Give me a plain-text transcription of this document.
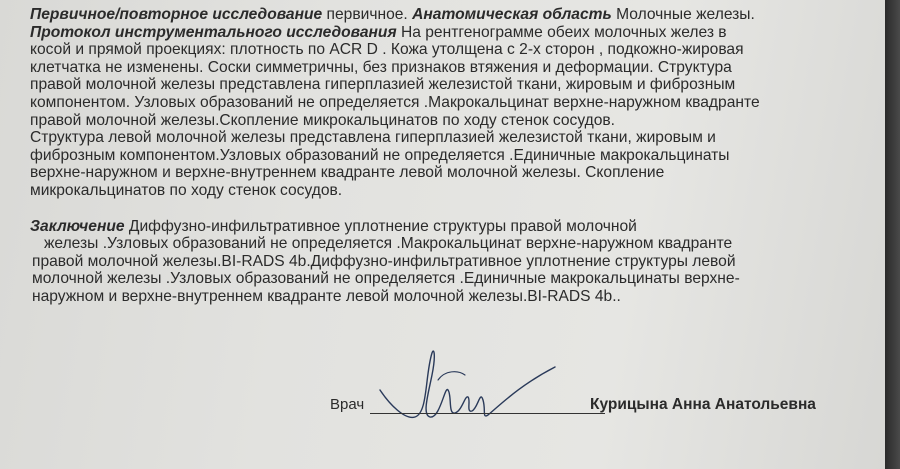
Первичное/повторное исследование первичное. Анатомическая область Молочные железы.
Протокол инструментального исследования На рентгенограмме обеих молочных желез в
косой и прямой проекциях: плотность по ACR D . Кожа утолщена с 2-х сторон , подкожно-жировая
клетчатка не изменены. Соски симметричны, без признаков втяжения и деформации. Структура
правой молочной железы представлена гиперплазией железистой ткани, жировым и фиброзным
компонентом. Узловых образований не определяется .Макрокальцинат верхне-наружном квадранте
правой молочной железы.Скопление микрокальцинатов по ходу стенок сосудов.
Структура левой молочной железы представлена гиперплазией железистой ткани, жировым и
фиброзным компонентом.Узловых образований не определяется .Единичные макрокальцинаты
верхне-наружном и верхне-внутреннем квадранте левой молочной железы. Скопление
микрокальцинатов по ходу стенок сосудов.
Заключение Диффузно-инфильтративное уплотнение структуры правой молочной
железы .Узловых образований не определяется .Макрокальцинат верхне-наружном квадранте
правой молочной железы.BI-RADS 4b.Диффузно-инфильтративное уплотнение структуры левой
молочной железы .Узловых образований не определяется .Единичные макрокальцинаты верхне-
наружном и верхне-внутреннем квадранте левой молочной железы.BI-RADS 4b..
Врач	Курицына Анна Анатольевна
